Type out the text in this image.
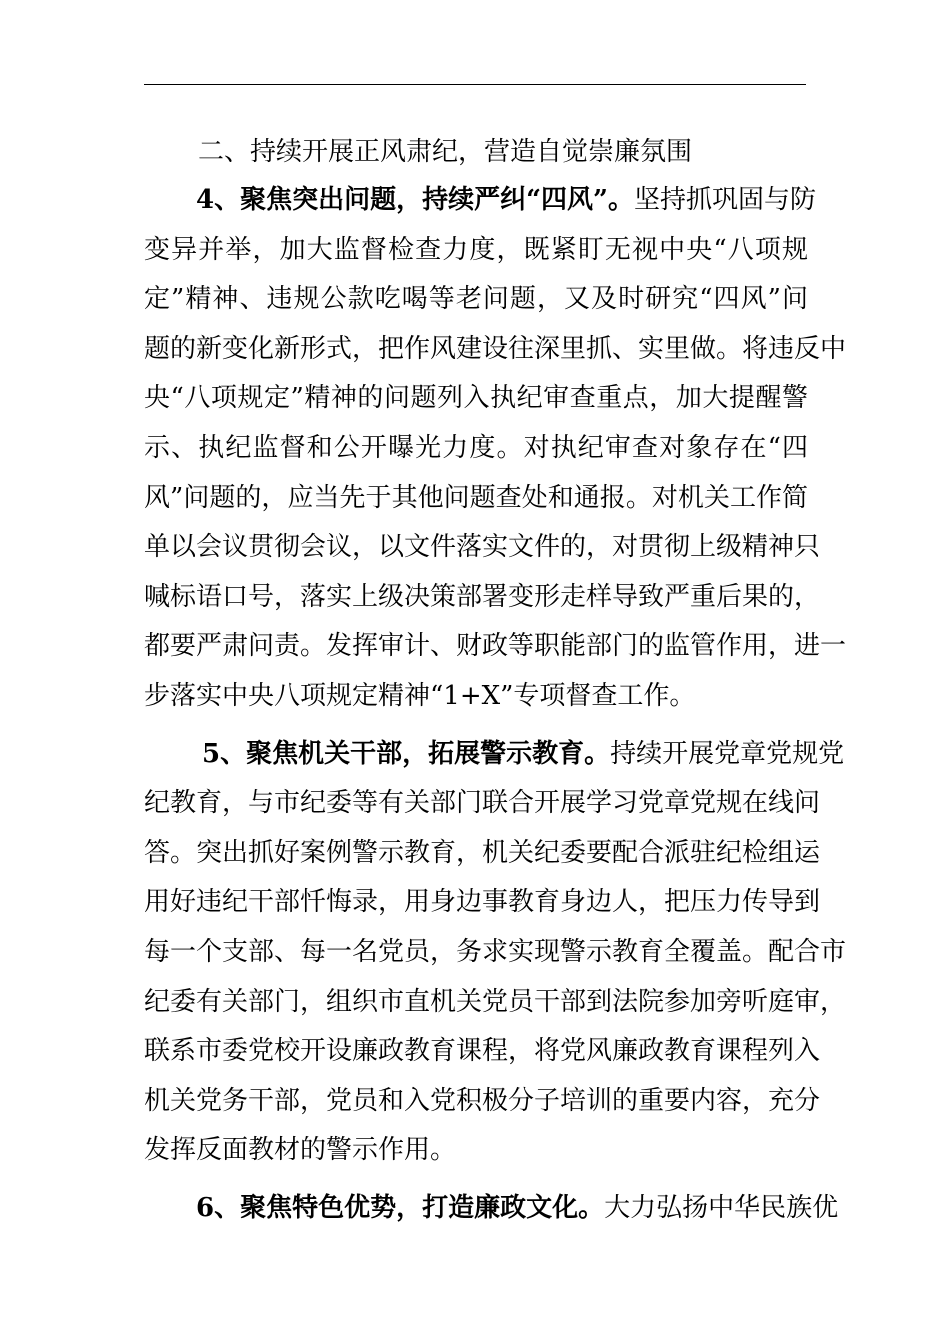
二、持续开展正风肃纪，营造自觉崇廉氛围
4、聚焦突出问题，持续严纠“四风”。坚持抓巩固与防
变异并举，加大监督检查力度，既紧盯无视中央“八项规
定”精神、违规公款吃喝等老问题，又及时研究“四风”问
题的新变化新形式，把作风建设往深里抓、实里做。将违反中
央“八项规定”精神的问题列入执纪审查重点，加大提醒警
示、执纪监督和公开曝光力度。对执纪审查对象存在“四
风”问题的，应当先于其他问题查处和通报。对机关工作简
单以会议贯彻会议，以文件落实文件的，对贯彻上级精神只
喊标语口号，落实上级决策部署变形走样导致严重后果的，
都要严肃问责。发挥审计、财政等职能部门的监管作用，进一
步落实中央八项规定精神“1+X”专项督查工作。
5、聚焦机关干部，拓展警示教育。持续开展党章党规党
纪教育，与市纪委等有关部门联合开展学习党章党规在线问
答。突出抓好案例警示教育，机关纪委要配合派驻纪检组运
用好违纪干部忏悔录，用身边事教育身边人，把压力传导到
每一个支部、每一名党员，务求实现警示教育全覆盖。配合市
纪委有关部门，组织市直机关党员干部到法院参加旁听庭审，
联系市委党校开设廉政教育课程，将党风廉政教育课程列入
机关党务干部，党员和入党积极分子培训的重要内容，充分
发挥反面教材的警示作用。
6、聚焦特色优势，打造廉政文化。大力弘扬中华民族优
